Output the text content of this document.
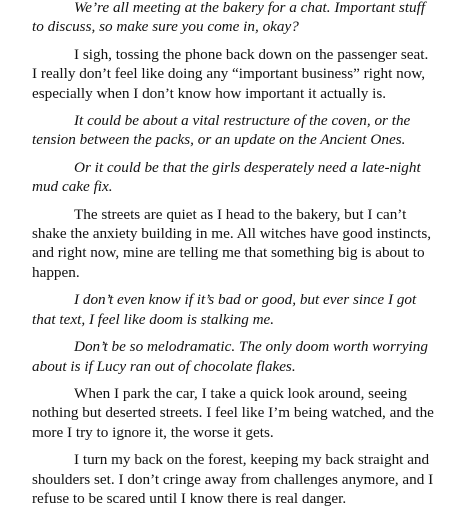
We’re all meeting at the bakery for a chat. Important stuff to discuss, so make sure you come in, okay?

I sigh, tossing the phone back down on the passenger seat. I really don’t feel like doing any “important business” right now, especially when I don’t know how important it actually is.

It could be about a vital restructure of the coven, or the tension between the packs, or an update on the Ancient Ones.

Or it could be that the girls desperately need a late-night mud cake fix.

The streets are quiet as I head to the bakery, but I can’t shake the anxiety building in me. All witches have good instincts, and right now, mine are telling me that something big is about to happen.

I don’t even know if it’s bad or good, but ever since I got that text, I feel like doom is stalking me.

Don’t be so melodramatic. The only doom worth worrying about is if Lucy ran out of chocolate flakes.

When I park the car, I take a quick look around, seeing nothing but deserted streets. I feel like I’m being watched, and the more I try to ignore it, the worse it gets.

I turn my back on the forest, keeping my back straight and shoulders set. I don’t cringe away from challenges anymore, and I refuse to be scared until I know there is real danger.
